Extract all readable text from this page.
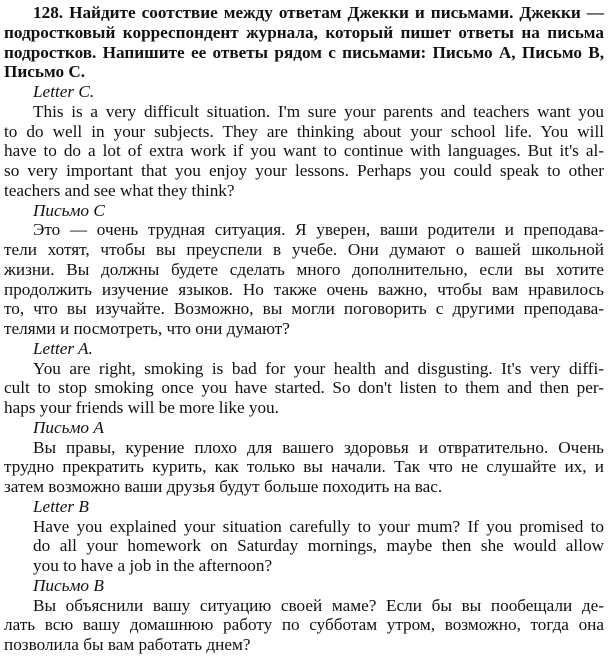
128. Найдите соотствие между ответам Джекки и письмами. Джекки —
подростковый корреспондент журнала, который пишет ответы на письма
подростков. Напишите ее ответы рядом с письмами: Письмо А, Письмо В,
Письмо С.
Letter C.
This is a very difficult situation. I'm sure your parents and teachers want you
to do well in your subjects. They are thinking about your school life. You will
have to do a lot of extra work if you want to continue with languages. But it's al-
so very important that you enjoy your lessons. Perhaps you could speak to other
teachers and see what they think?
Письмо С
Это — очень трудная ситуация. Я уверен, ваши родители и преподава-
тели хотят, чтобы вы преуспели в учебе. Они думают о вашей школьной
жизни. Вы должны будете сделать много дополнительно, если вы хотите
продолжить изучение языков. Но также очень важно, чтобы вам нравилось
то, что вы изучайте. Возможно, вы могли поговорить с другими преподава-
телями и посмотреть, что они думают?
Letter A.
You are right, smoking is bad for your health and disgusting. It's very diffi-
cult to stop smoking once you have started. So don't listen to them and then per-
haps your friends will be more like you.
Письмо А
Вы правы, курение плохо для вашего здоровья и отвратительно. Очень
трудно прекратить курить, как только вы начали. Так что не слушайте их, и
затем возможно ваши друзья будут больше походить на вас.
Letter B
Have you explained your situation carefully to your mum? If you promised to
do all your homework on Saturday mornings, maybe then she would allow
you to have a job in the afternoon?
Письмо В
Вы объяснили вашу ситуацию своей маме? Если бы вы пообещали де-
лать всю вашу домашнюю работу по субботам утром, возможно, тогда она
позволила бы вам работать днем?
